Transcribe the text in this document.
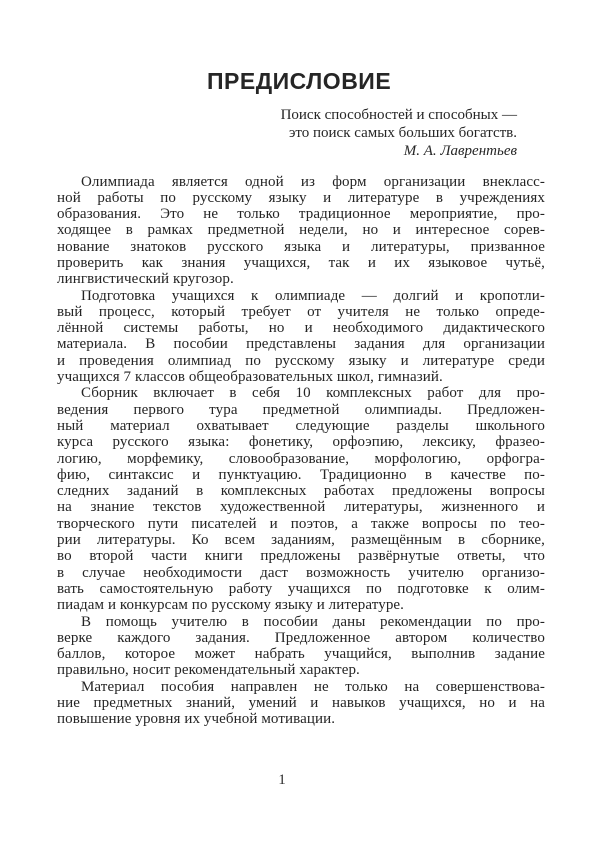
ПРЕДИСЛОВИЕ
Поиск способностей и способных —
это поиск самых больших богатств.
М. А. Лаврентьев
Олимпиада является одной из форм организации внекласс-
ной работы по русскому языку и литературе в учреждениях
образования. Это не только традиционное мероприятие, про-
ходящее в рамках предметной недели, но и интересное сорев-
нование знатоков русского языка и литературы, призванное
проверить как знания учащихся, так и их языковое чутьё,
лингвистический кругозор.
Подготовка учащихся к олимпиаде — долгий и кропотли-
вый процесс, который требует от учителя не только опреде-
лённой системы работы, но и необходимого дидактического
материала. В пособии представлены задания для организации
и проведения олимпиад по русскому языку и литературе среди
учащихся 7 классов общеобразовательных школ, гимназий.
Сборник включает в себя 10 комплексных работ для про-
ведения первого тура предметной олимпиады. Предложен-
ный материал охватывает следующие разделы школьного
курса русского языка: фонетику, орфоэпию, лексику, фразео-
логию, морфемику, словообразование, морфологию, орфогра-
фию, синтаксис и пунктуацию. Традиционно в качестве по-
следних заданий в комплексных работах предложены вопросы
на знание текстов художественной литературы, жизненного и
творческого пути писателей и поэтов, а также вопросы по тео-
рии литературы. Ко всем заданиям, размещённым в сборнике,
во второй части книги предложены развёрнутые ответы, что
в случае необходимости даст возможность учителю организо-
вать самостоятельную работу учащихся по подготовке к олим-
пиадам и конкурсам по русскому языку и литературе.
В помощь учителю в пособии даны рекомендации по про-
верке каждого задания. Предложенное автором количество
баллов, которое может набрать учащийся, выполнив задание
правильно, носит рекомендательный характер.
Материал пособия направлен не только на совершенствова-
ние предметных знаний, умений и навыков учащихся, но и на
повышение уровня их учебной мотивации.
1
